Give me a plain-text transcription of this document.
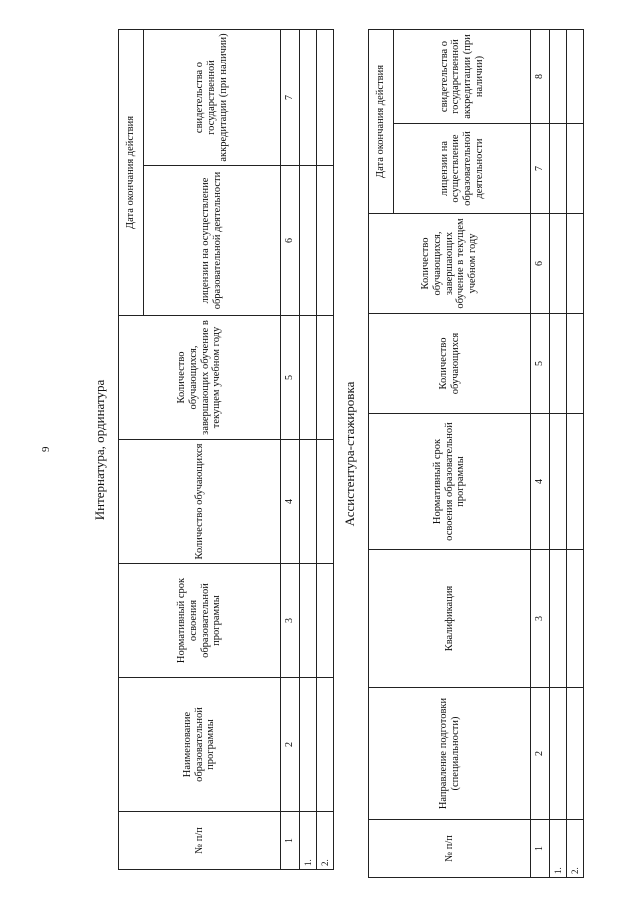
9	Интернатура, ординатура
№ п/п	Наименование образовательной программы	Нормативный срок освоения образовательной программы	Количество обучающихся	Количество обучающихся, завершающих обучение в текущем учебном году	Дата окончания действия	
					лицензии на осуществление образовательной деятельности	свидетельства о государственной аккредитации (при наличии)
1	2	3	4	5	6	7
1.						
2.						
Ассистентура-стажировка
№ п/п	Направление подготовки (специальности)	Квалификация	Нормативный срок освоения образовательной программы	Количество обучающихся	Количество обучающихся, завершающих обучение в текущем учебном году	Дата окончания действия	
						лицензии на осуществление образовательной деятельности	свидетельства о государственной аккредитации (при наличии)
1	2	3	4	5	6	7	8
1.							
2.							
